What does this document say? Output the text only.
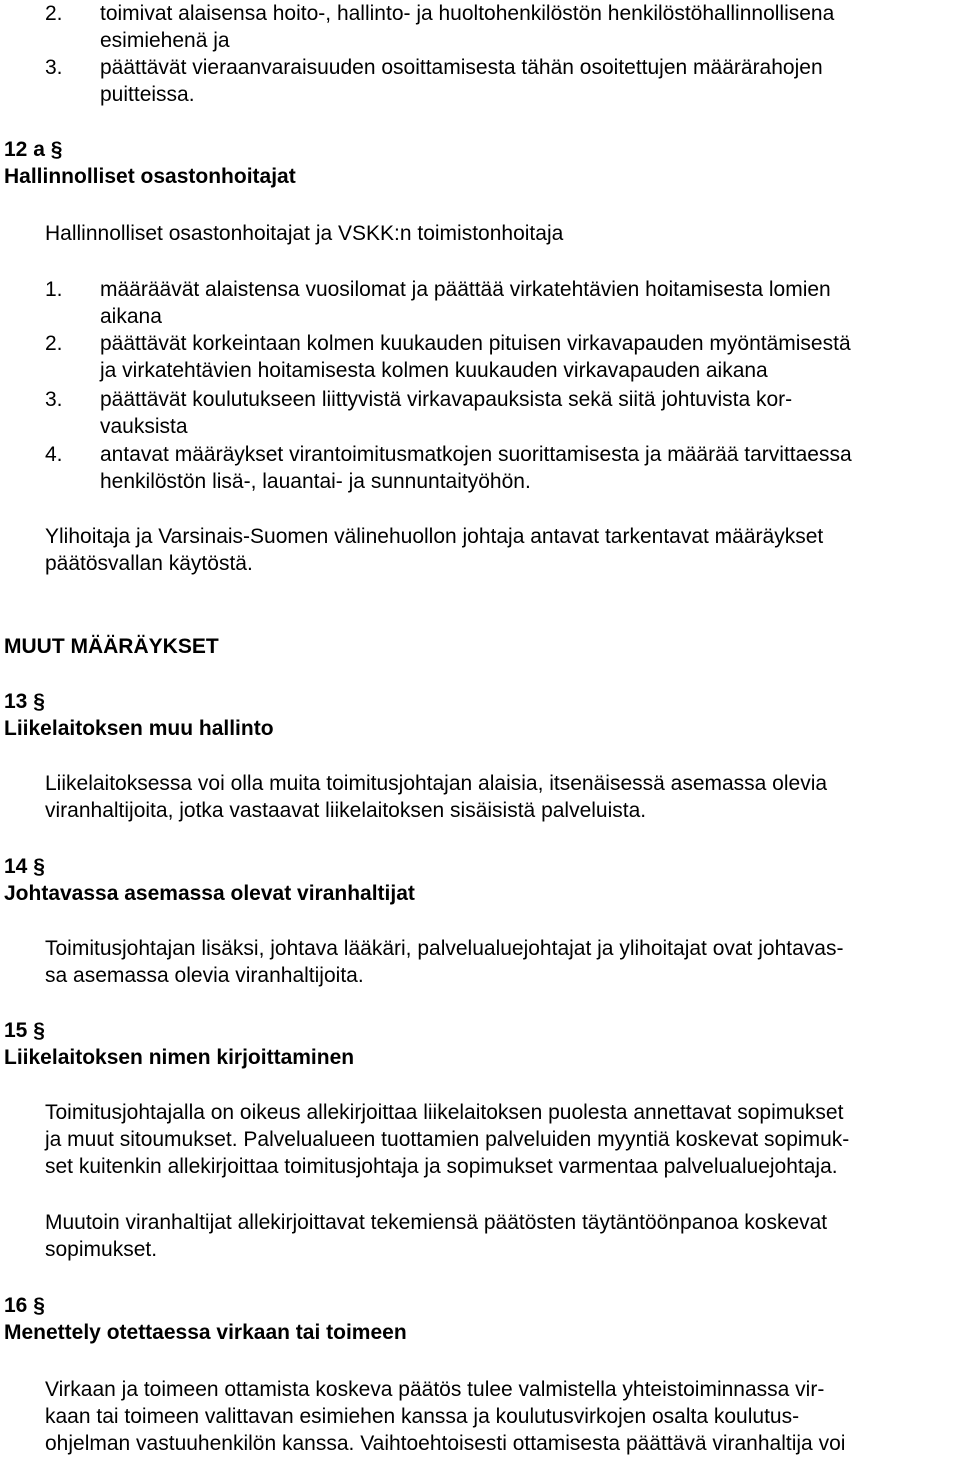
2. toimivat alaisensa hoito-, hallinto- ja huoltohenkilöstön henkilöstöhallinnollisena

esimiehenä ja

3. päättävät vieraanvaraisuuden osoittamisesta tähän osoitettujen määrärahojen

puitteissa.

12 a §

Hallinnolliset osastonhoitajat

Hallinnolliset osastonhoitajat ja VSKK:n toimistonhoitaja

1. määräävät alaistensa vuosilomat ja päättää virkatehtävien hoitamisesta lomien

aikana

2. päättävät korkeintaan kolmen kuukauden pituisen virkavapauden myöntämisestä

ja virkatehtävien hoitamisesta kolmen kuukauden virkavapauden aikana

3. päättävät koulutukseen liittyvistä virkavapauksista sekä siitä johtuvista kor-

vauksista

4. antavat määräykset virantoimitusmatkojen suorittamisesta ja määrää tarvittaessa

henkilöstön lisä-, lauantai- ja sunnuntaityöhön.

Ylihoitaja ja Varsinais-Suomen välinehuollon johtaja antavat tarkentavat määräykset

päätösvallan käytöstä.

MUUT MÄÄRÄYKSET

13 §

Liikelaitoksen muu hallinto

Liikelaitoksessa voi olla muita toimitusjohtajan alaisia, itsenäisessä asemassa olevia

viranhaltijoita, jotka vastaavat liikelaitoksen sisäisistä palveluista.

14 §

Johtavassa asemassa olevat viranhaltijat

Toimitusjohtajan lisäksi, johtava lääkäri, palvelualuejohtajat ja ylihoitajat ovat johtavas-

sa asemassa olevia viranhaltijoita.

15 §

Liikelaitoksen nimen kirjoittaminen

Toimitusjohtajalla on oikeus allekirjoittaa liikelaitoksen puolesta annettavat sopimukset

ja muut sitoumukset. Palvelualueen tuottamien palveluiden myyntiä koskevat sopimuk-

set kuitenkin allekirjoittaa toimitusjohtaja ja sopimukset varmentaa palvelualuejohtaja.

Muutoin viranhaltijat allekirjoittavat tekemiensä päätösten täytäntöönpanoa koskevat

sopimukset.

16 §

Menettely otettaessa virkaan tai toimeen

Virkaan ja toimeen ottamista koskeva päätös tulee valmistella yhteistoiminnassa vir-

kaan tai toimeen valittavan esimiehen kanssa ja koulutusvirkojen osalta koulutus-

ohjelman vastuuhenkilön kanssa. Vaihtoehtoisesti ottamisesta päättävä viranhaltija voi
